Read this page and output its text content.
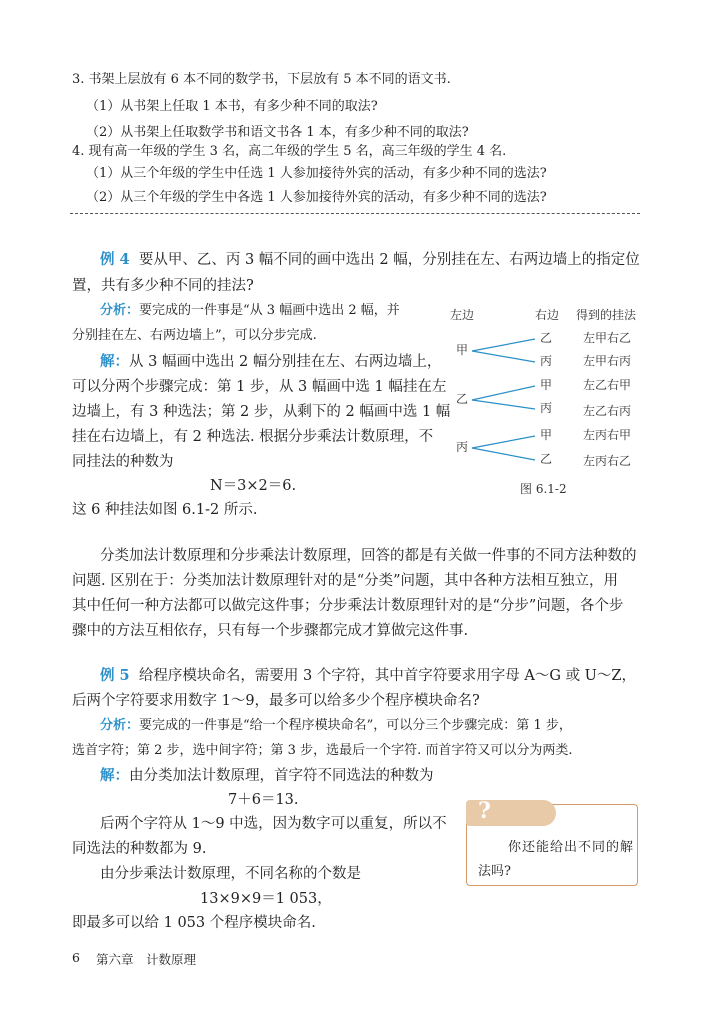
3. 书架上层放有 6 本不同的数学书，下层放有 5 本不同的语文书.
（1）从书架上任取 1 本书，有多少种不同的取法?
（2）从书架上任取数学书和语文书各 1 本，有多少种不同的取法?
4. 现有高一年级的学生 3 名，高二年级的学生 5 名，高三年级的学生 4 名.
（1）从三个年级的学生中任选 1 人参加接待外宾的活动，有多少种不同的选法?
（2）从三个年级的学生中各选 1 人参加接待外宾的活动，有多少种不同的选法?
例 4 要从甲、乙、丙 3 幅不同的画中选出 2 幅，分别挂在左、右两边墙上的指定位
置，共有多少种不同的挂法?
分析：要完成的一件事是“从 3 幅画中选出 2 幅，并
分别挂在左、右两边墙上”，可以分步完成.
解：从 3 幅画中选出 2 幅分别挂在左、右两边墙上，
可以分两个步骤完成：第 1 步，从 3 幅画中选 1 幅挂在左
边墙上，有 3 种选法；第 2 步，从剩下的 2 幅画中选 1 幅
挂在右边墙上，有 2 种选法. 根据分步乘法计数原理，不
同挂法的种数为
N＝3×2＝6.
这 6 种挂法如图 6.1-2 所示.
左边	右边 得到的挂法
甲
乙
丙
乙
丙
甲
丙
甲
乙
左甲右乙
左甲右丙
左乙右甲
左乙右丙
左丙右甲
左丙右乙
图 6.1-2
分类加法计数原理和分步乘法计数原理，回答的都是有关做一件事的不同方法种数的
问题. 区别在于：分类加法计数原理针对的是“分类”问题，其中各种方法相互独立，用
其中任何一种方法都可以做完这件事；分步乘法计数原理针对的是“分步”问题，各个步
骤中的方法互相依存，只有每一个步骤都完成才算做完这件事.
例 5 给程序模块命名，需要用 3 个字符，其中首字符要求用字母 A～G 或 U～Z，
后两个字符要求用数字 1～9，最多可以给多少个程序模块命名?
分析：要完成的一件事是“给一个程序模块命名”，可以分三个步骤完成：第 1 步，
选首字符；第 2 步，选中间字符；第 3 步，选最后一个字符. 而首字符又可以分为两类.
解：由分类加法计数原理，首字符不同选法的种数为
7＋6＝13.
后两个字符从 1～9 中选，因为数字可以重复，所以不
同选法的种数都为 9.
由分步乘法计数原理，不同名称的个数是
13×9×9＝1 053，
即最多可以给 1 053 个程序模块命名.
?
你还能给出不同的解
法吗?
6 第六章　计数原理
